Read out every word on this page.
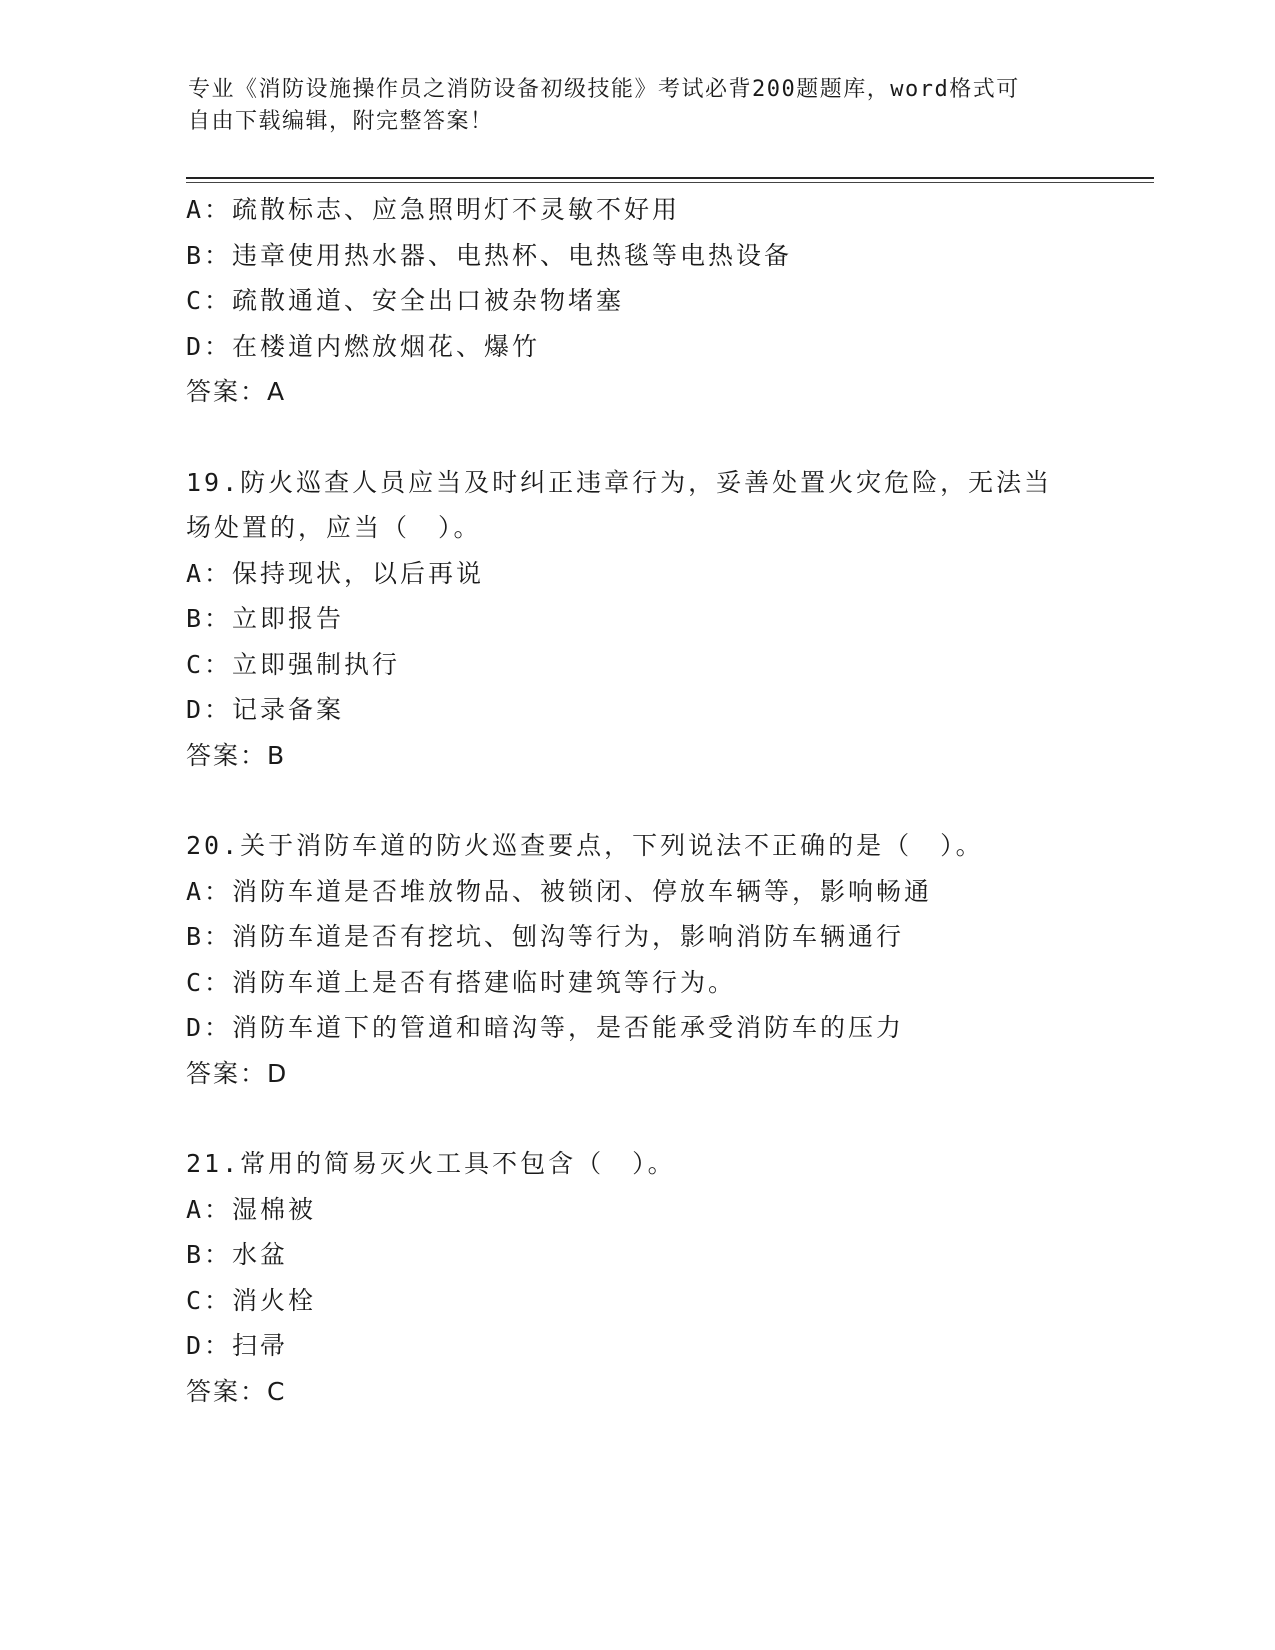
专业《消防设施操作员之消防设备初级技能》考试必背200题题库，word格式可
自由下载编辑，附完整答案！
A：疏散标志、应急照明灯不灵敏不好用
B：违章使用热水器、电热杯、电热毯等电热设备
C：疏散通道、安全出口被杂物堵塞
D：在楼道内燃放烟花、爆竹
答案：A
19.防火巡查人员应当及时纠正违章行为，妥善处置火灾危险，无法当
场处置的，应当（　）。
A：保持现状，以后再说
B：立即报告
C：立即强制执行
D：记录备案
答案：B
20.关于消防车道的防火巡查要点，下列说法不正确的是（　）。
A：消防车道是否堆放物品、被锁闭、停放车辆等，影响畅通
B：消防车道是否有挖坑、刨沟等行为，影响消防车辆通行
C：消防车道上是否有搭建临时建筑等行为。
D：消防车道下的管道和暗沟等，是否能承受消防车的压力
答案：D
21.常用的简易灭火工具不包含（　）。
A：湿棉被
B：水盆
C：消火栓
D：扫帚
答案：C
